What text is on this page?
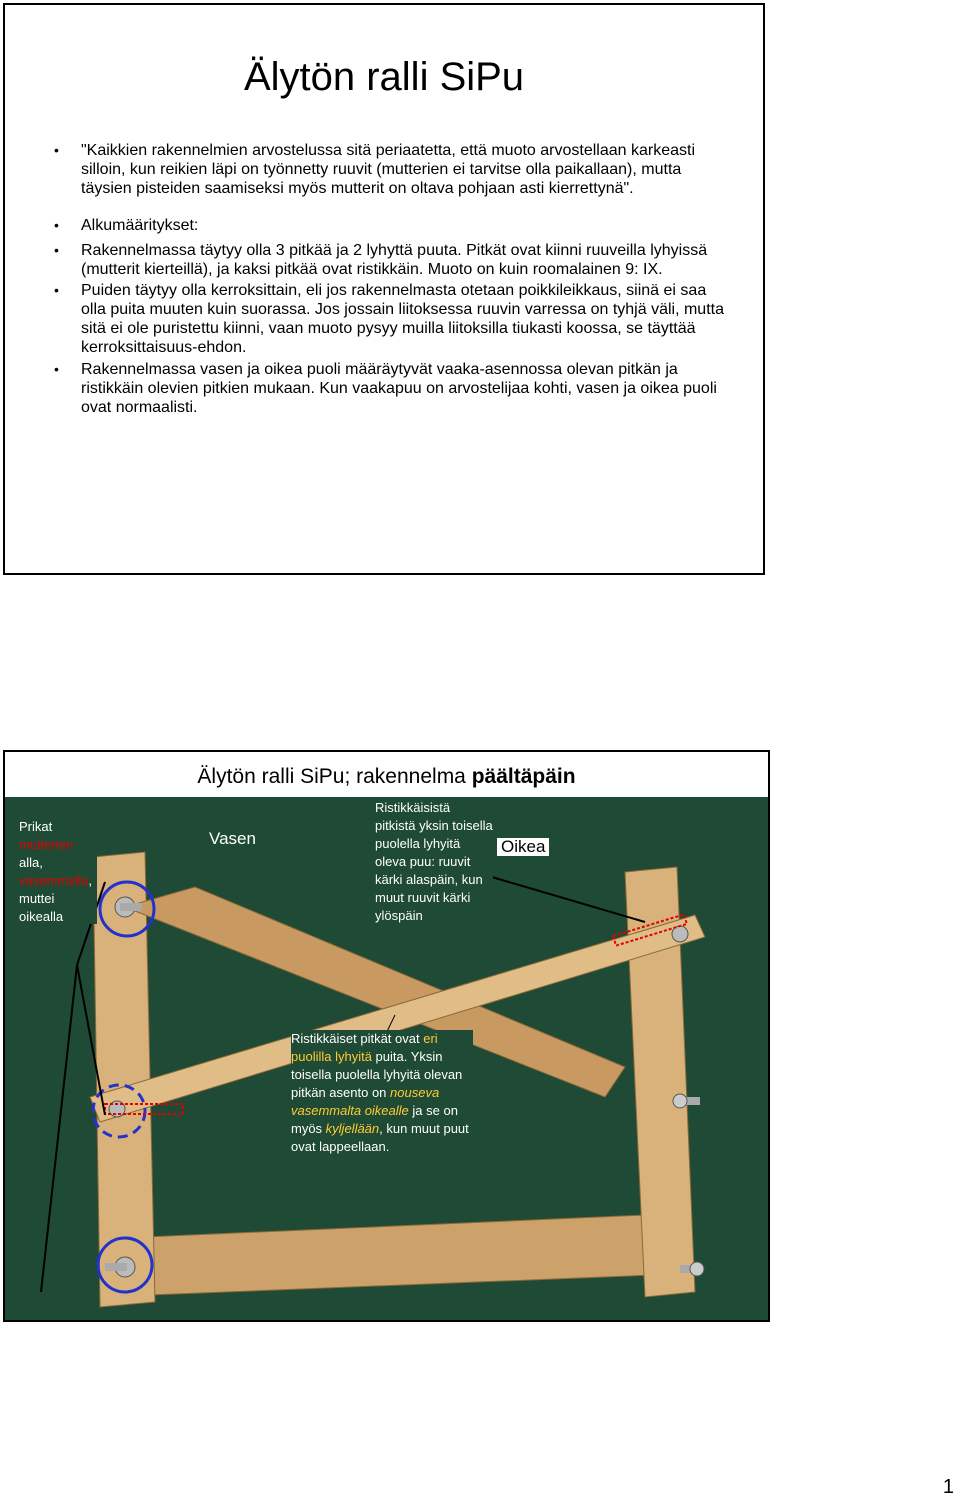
Älytön ralli SiPu
• "Kaikkien rakennelmien arvostelussa sitä periaatetta, että muoto arvostellaan karkeasti silloin, kun reikien läpi on työnnetty ruuvit (mutterien ei tarvitse olla paikallaan), mutta täysien pisteiden saamiseksi myös mutterit on oltava pohjaan asti kierrettynä".
• Alkumääritykset:
• Rakennelmassa täytyy olla 3 pitkää ja 2 lyhyttä puuta. Pitkät ovat kiinni ruuveilla lyhyissä (mutterit kierteillä), ja kaksi pitkää ovat ristikkäin. Muoto on kuin roomalainen 9: IX.
• Puiden täytyy olla kerroksittain, eli jos rakennelmasta otetaan poikkileikkaus, siinä ei saa olla puita muuten kuin suorassa. Jos jossain liitoksessa ruuvin varressa on tyhjä väli, mutta sitä ei ole puristettu kiinni, vaan muoto pysyy muilla liitoksilla tiukasti koossa, se täyttää kerroksittaisuus-ehdon.
• Rakennelmassa vasen ja oikea puoli määräytyvät vaaka-asennossa olevan pitkän ja ristikkäin olevien pitkien mukaan. Kun vaakapuu on arvostelijaa kohti, vasen ja oikea puoli ovat normaalisti.
Älytön ralli SiPu; rakennelma päältäpäin
Prikat mutterien alla, vasemmalla, muttei oikealla
Vasen
Ristikkäisistä pitkistä yksin toisella puolella lyhyitä oleva puu: ruuvit kärki alaspäin, kun muut ruuvit kärki ylöspäin
Oikea
Ristikkäiset pitkät ovat eri puolilla lyhyitä puita. Yksin toisella puolella lyhyitä olevan pitkän asento on nouseva vasemmalta oikealle ja se on myös kyljellään, kun muut puut ovat lappeellaan.
1
